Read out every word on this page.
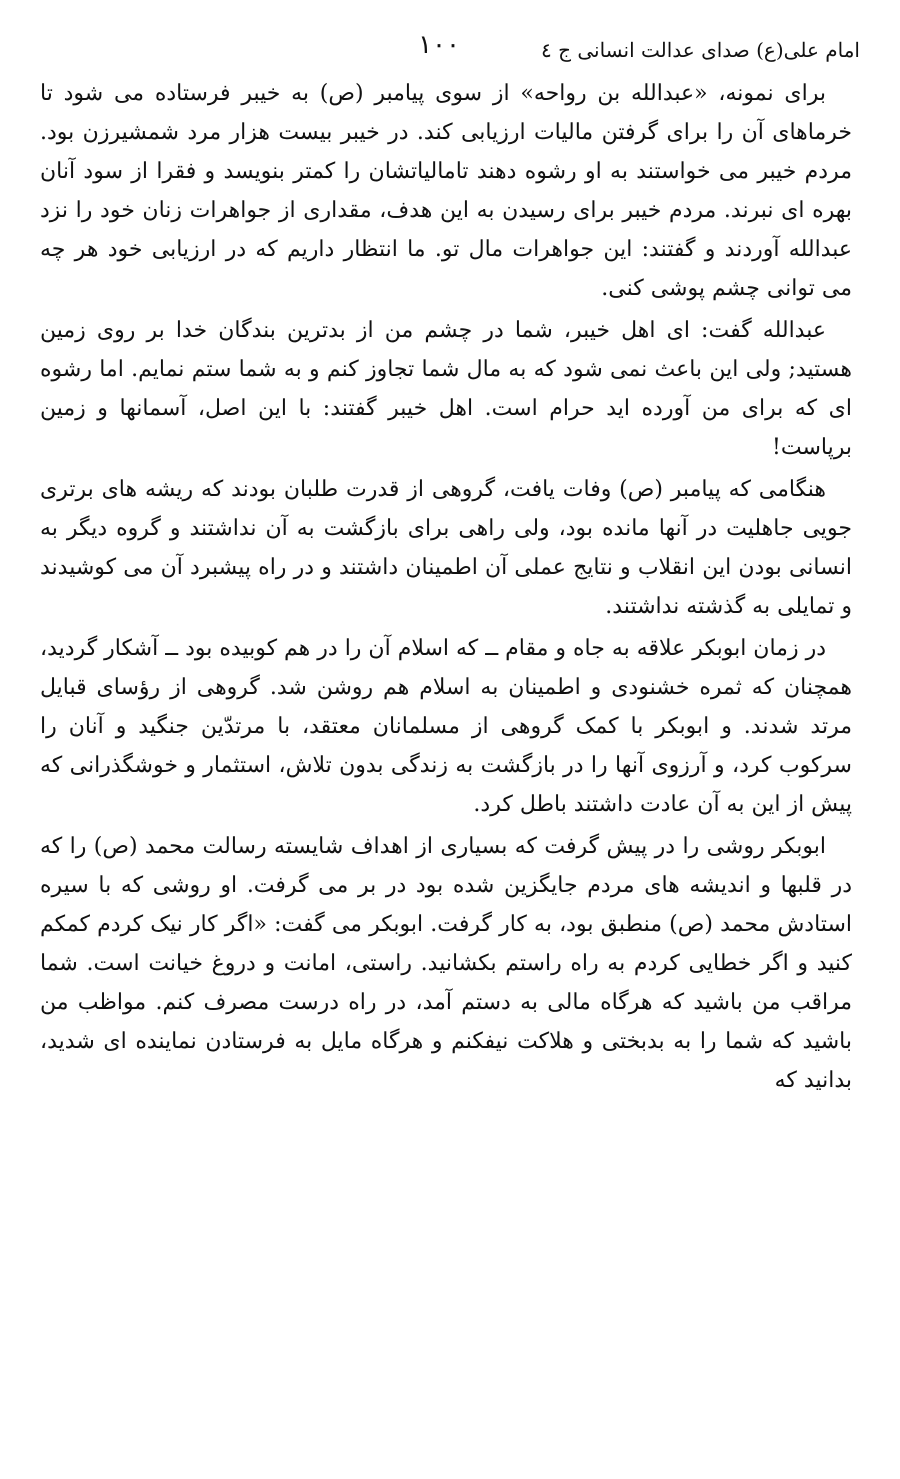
امام علی(ع) صدای عدالت انسانی ج ٤
١٠٠

برای نمونه، «عبدالله بن رواحه» از سوی پیامبر (ص) به خیبر فرستاده می شود تا خرماهای آن را برای گرفتن مالیات ارزیابی کند. در خیبر بیست هزار مرد شمشیرزن بود. مردم خیبر می خواستند به او رشوه دهند تامالیاتشان را کمتر بنویسد و فقرا از سود آنان بهره ای نبرند. مردم خیبر برای رسیدن به این هدف، مقداری از جواهرات زنان خود را نزد عبدالله آوردند و گفتند: این جواهرات مال تو. ما انتظار داریم که در ارزیابی خود هر چه می توانی چشم پوشی کنی.

عبدالله گفت: ای اهل خیبر، شما در چشم من از بدترین بندگان خدا بر روی زمین هستید; ولی این باعث نمی شود که به مال شما تجاوز کنم و به شما ستم نمایم. اما رشوه ای که برای من آورده اید حرام است. اهل خیبر گفتند: با این اصل، آسمانها و زمین برپاست!

هنگامی که پیامبر (ص) وفات یافت، گروهی از قدرت طلبان بودند که ریشه های برتری جویی جاهلیت در آنها مانده بود، ولی راهی برای بازگشت به آن نداشتند و گروه دیگر به انسانی بودن این انقلاب و نتایج عملی آن اطمینان داشتند و در راه پیشبرد آن می کوشیدند و تمایلی به گذشته نداشتند.

در زمان ابوبکر علاقه به جاه و مقام ــ که اسلام آن را در هم کوبیده بود ــ آشکار گردید، همچنان که ثمره خشنودی و اطمینان به اسلام هم روشن شد. گروهی از رؤسای قبایل مرتد شدند. و ابوبکر با کمک گروهی از مسلمانان معتقد، با مرتدّین جنگید و آنان را سرکوب کرد، و آرزوی آنها را در بازگشت به زندگی بدون تلاش، استثمار و خوشگذرانی که پیش از این به آن عادت داشتند باطل کرد.

ابوبکر روشی را در پیش گرفت که بسیاری از اهداف شایسته رسالت محمد (ص) را که در قلبها و اندیشه های مردم جایگزین شده بود در بر می گرفت. او روشی که با سیره استادش محمد (ص) منطبق بود، به کار گرفت. ابوبکر می گفت: «اگر کار نیک کردم کمکم کنید و اگر خطایی کردم به راه راستم بکشانید. راستی، امانت و دروغ خیانت است. شما مراقب من باشید که هرگاه مالی به دستم آمد، در راه درست مصرف کنم. مواظب من باشید که شما را به بدبختی و هلاکت نیفکنم و هرگاه مایل به فرستادن نماینده ای شدید، بدانید که
